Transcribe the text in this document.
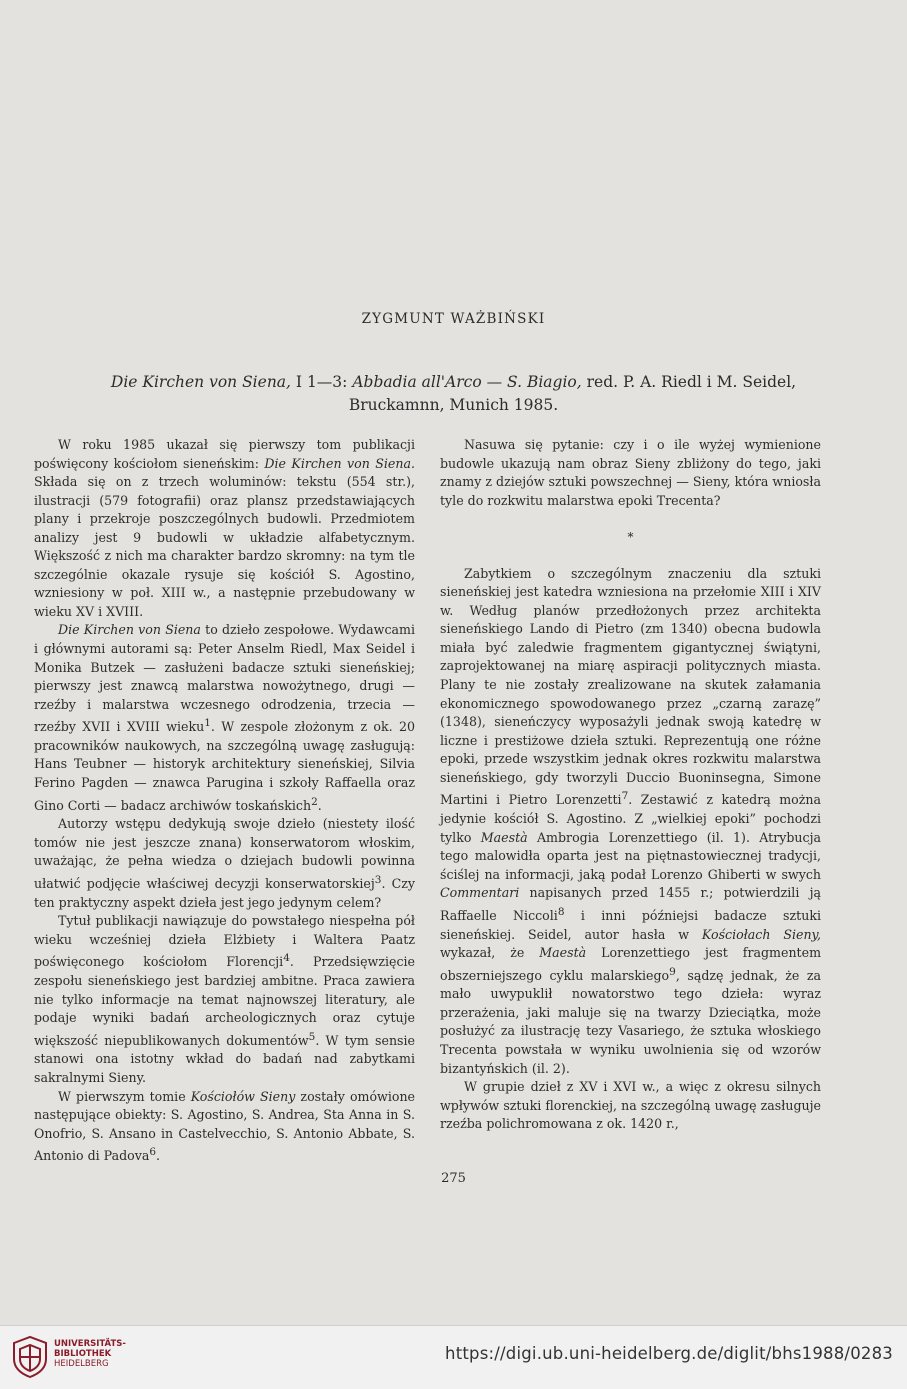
ZYGMUNT WAŻBIŃSKI
Die Kirchen von Siena, I 1—3: Abbadia all'Arco — S. Biagio, red. P. A. Riedl i M. Seidel,
Bruckamnn, Munich 1985.

W roku 1985 ukazał się pierwszy tom publikacji poświęcony kościołom sieneńskim: Die Kirchen von Siena. Składa się on z trzech woluminów: tekstu (554 str.), ilustracji (579 fotografii) oraz plansz przedstawiających plany i przekroje poszczególnych budowli. Przedmiotem analizy jest 9 budowli w układzie alfabetycznym. Większość z nich ma charakter bardzo skromny: na tym tle szczególnie okazale rysuje się kościół S. Agostino, wzniesiony w poł. XIII w., a następnie przebudowany w wieku XV i XVIII.

Die Kirchen von Siena to dzieło zespołowe. Wydawcami i głównymi autorami są: Peter Anselm Riedl, Max Seidel i Monika Butzek — zasłużeni badacze sztuki sieneńskiej; pierwszy jest znawcą malarstwa nowożytnego, drugi — rzeźby i malarstwa wczesnego odrodzenia, trzecia — rzeźby XVII i XVIII wieku$^1$. W zespole złożonym z ok. 20 pracowników naukowych, na szczególną uwagę zasługują: Hans Teubner — historyk architektury sieneńskiej, Silvia Ferino Pagden — znawca Parugina i szkoły Raffaella oraz Gino Corti — badacz archiwów toskańskich$^2$.

Autorzy wstępu dedykują swoje dzieło (niestety ilość tomów nie jest jeszcze znana) konserwatorom włoskim, uważając, że pełna wiedza o dziejach budowli powinna ułatwić podjęcie właściwej decyzji konserwatorskiej$^3$. Czy ten praktyczny aspekt dzieła jest jego jedynym celem?

Tytuł publikacji nawiązuje do powstałego niespełna pół wieku wcześniej dzieła Elżbiety i Waltera Paatz poświęconego kościołom Florencji$^4$. Przedsięwzięcie zespołu sieneńskiego jest bardziej ambitne. Praca zawiera nie tylko informacje na temat najnowszej literatury, ale podaje wyniki badań archeologicznych oraz cytuje większość niepublikowanych dokumentów$^5$. W tym sensie stanowi ona istotny wkład do badań nad zabytkami sakralnymi Sieny.

W pierwszym tomie Kościołów Sieny zostały omówione następujące obiekty: S. Agostino, S. Andrea, Sta Anna in S. Onofrio, S. Ansano in Castelvecchio, S. Antonio Abbate, S. Antonio di Padova$^6$.

Nasuwa się pytanie: czy i o ile wyżej wymienione budowle ukazują nam obraz Sieny zbliżony do tego, jaki znamy z dziejów sztuki powszechnej — Sieny, która wniosła tyle do rozkwitu malarstwa epoki Trecenta?

*

Zabytkiem o szczególnym znaczeniu dla sztuki sieneńskiej jest katedra wzniesiona na przełomie XIII i XIV w. Według planów przedłożonych przez architekta sieneńskiego Lando di Pietro (zm 1340) obecna budowla miała być zaledwie fragmentem gigantycznej świątyni, zaprojektowanej na miarę aspiracji politycznych miasta. Plany te nie zostały zrealizowane na skutek załamania ekonomicznego spowodowanego przez „czarną zarazę” (1348), sieneńczycy wyposażyli jednak swoją katedrę w liczne i prestiżowe dzieła sztuki. Reprezentują one różne epoki, przede wszystkim jednak okres rozkwitu malarstwa sieneńskiego, gdy tworzyli Duccio Buoninsegna, Simone Martini i Pietro Lorenzetti$^7$. Zestawić z katedrą można jedynie kościół S. Agostino. Z „wielkiej epoki” pochodzi tylko Maestà Ambrogia Lorenzettiego (il. 1). Atrybucja tego malowidła oparta jest na piętnastowiecznej tradycji, ściślej na informacji, jaką podał Lorenzo Ghiberti w swych Commentari napisanych przed 1455 r.; potwierdzili ją Raffaelle Niccoli$^8$ i inni późniejsi badacze sztuki sieneńskiej. Seidel, autor hasła w Kościołach Sieny, wykazał, że Maestà Lorenzettiego jest fragmentem obszerniejszego cyklu malarskiego$^9$, sądzę jednak, że za mało uwypuklił nowatorstwo tego dzieła: wyraz przerażenia, jaki maluje się na twarzy Dzieciątka, może posłużyć za ilustrację tezy Vasariego, że sztuka włoskiego Trecenta powstała w wyniku uwolnienia się od wzorów bizantyńskich (il. 2).

W grupie dzieł z XV i XVI w., a więc z okresu silnych wpływów sztuki florenckiej, na szczególną uwagę zasługuje rzeźba polichromowana z ok. 1420 r.,

275
UNIVERSITÄTS-
BIBLIOTHEK
HEIDELBERG
https://digi.ub.uni-heidelberg.de/diglit/bhs1988/0283
